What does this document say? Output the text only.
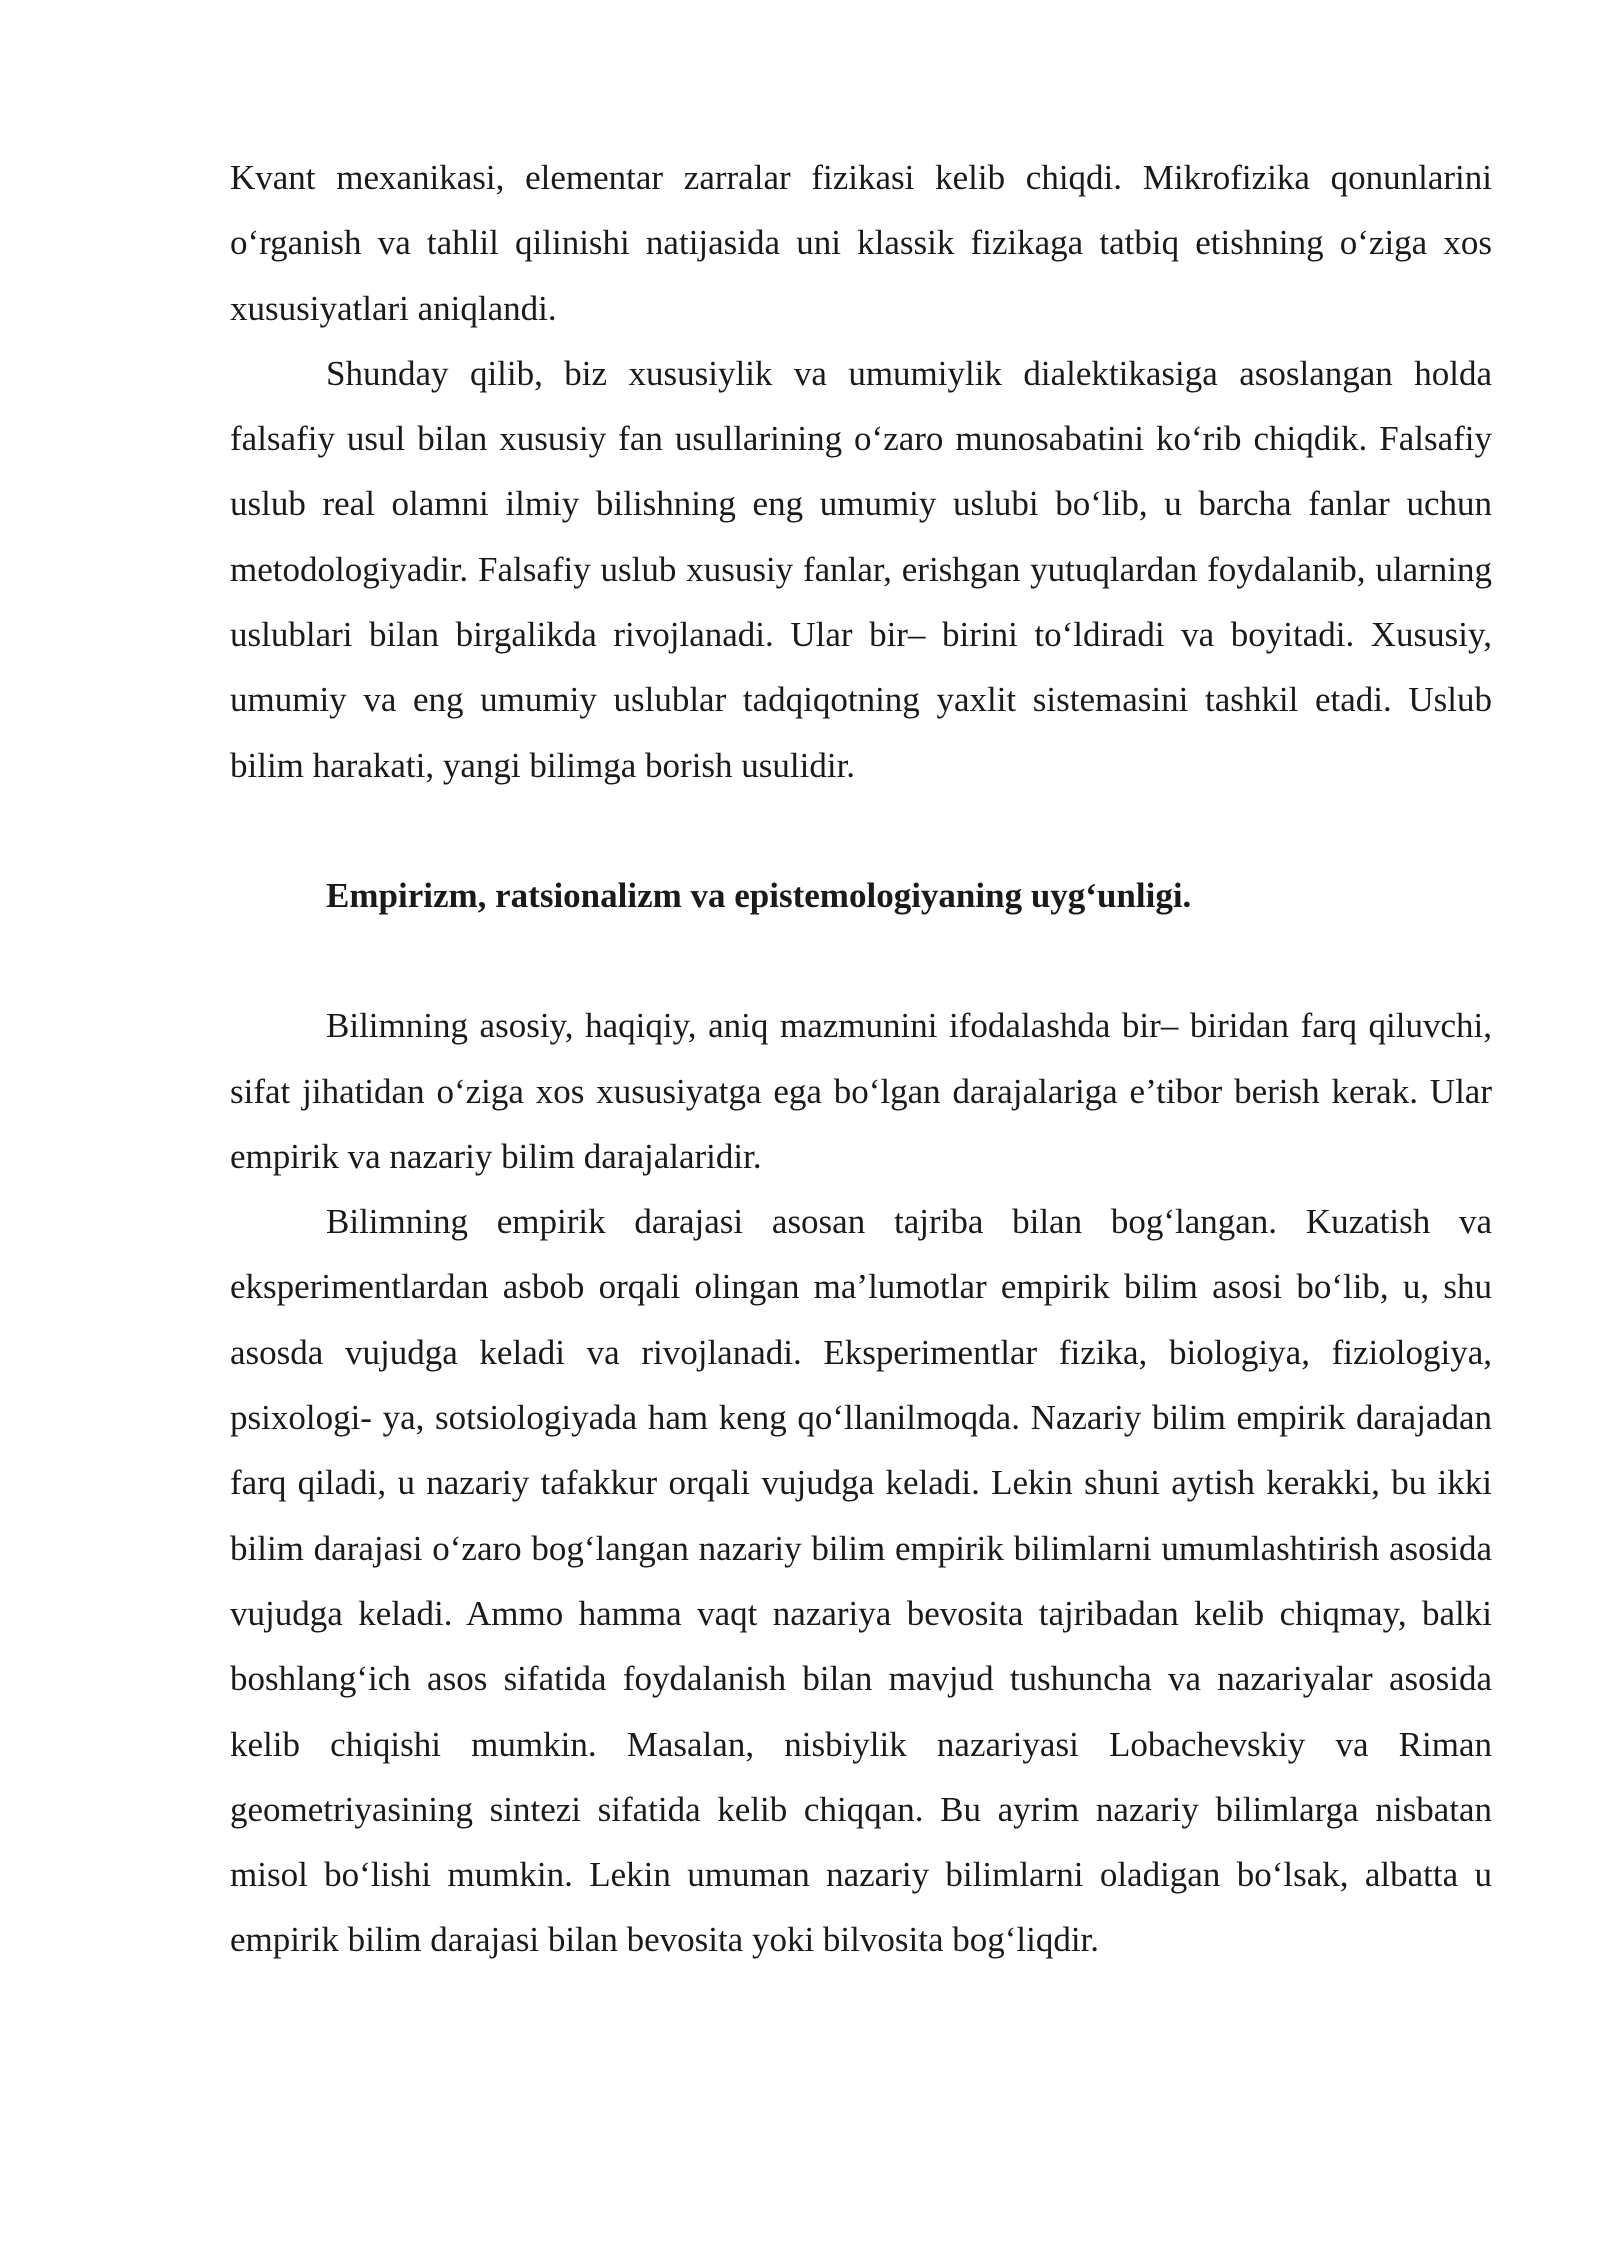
Kvant mexanikasi, elementar zarralar fizikasi kelib chiqdi. Mikrofizika qonunlarini o‘rganish va tahlil qilinishi natijasida uni klassik fizikaga tatbiq etishning o‘ziga xos xususiyatlari aniqlandi.

Shunday qilib, biz xususiylik va umumiylik dialektikasiga asoslangan holda falsafiy usul bilan xususiy fan usullarining o‘zaro munosabatini ko‘rib chiqdik. Falsafiy uslub real olamni ilmiy bilishning eng umumiy uslubi bo‘lib, u barcha fanlar uchun metodologiyadir. Falsafiy uslub xususiy fanlar, erishgan yutuqlardan foydalanib, ularning uslublari bilan birgalikda rivojlanadi. Ular bir– birini to‘ldiradi va boyitadi. Xususiy, umumiy va eng umumiy uslublar tadqiqotning yaxlit sistemasini tashkil etadi. Uslub bilim harakati, yangi bilimga borish usulidir.

Empirizm, ratsionalizm va epistemologiyaning uyg‘unligi.

Bilimning asosiy, haqiqiy, aniq mazmunini ifodalashda bir– biridan farq qiluvchi, sifat jihatidan o‘ziga xos xususiyatga ega bo‘lgan darajalariga e’tibor berish kerak. Ular empirik va nazariy bilim darajalaridir.

Bilimning empirik darajasi asosan tajriba bilan bog‘langan. Kuzatish va eksperimentlardan asbob orqali olingan ma’lumotlar empirik bilim asosi bo‘lib, u, shu asosda vujudga keladi va rivojlanadi. Eksperimentlar fizika, biologiya, fiziologiya, psixologi- ya, sotsiologiyada ham keng qo‘llanilmoqda. Nazariy bilim empirik darajadan farq qiladi, u nazariy tafakkur orqali vujudga keladi. Lekin shuni aytish kerakki, bu ikki bilim darajasi o‘zaro bog‘langan nazariy bilim empirik bilimlarni umumlashtirish asosida vujudga keladi. Ammo hamma vaqt nazariya bevosita tajribadan kelib chiqmay, balki boshlang‘ich asos sifatida foydalanish bilan mavjud tushuncha va nazariyalar asosida kelib chiqishi mumkin. Masalan, nisbiylik nazariyasi Lobachevskiy va Riman geometriyasining sintezi sifatida kelib chiqqan. Bu ayrim nazariy bilimlarga nisbatan misol bo‘lishi mumkin. Lekin umuman nazariy bilimlarni oladigan bo‘lsak, albatta u empirik bilim darajasi bilan bevosita yoki bilvosita bog‘liqdir.
